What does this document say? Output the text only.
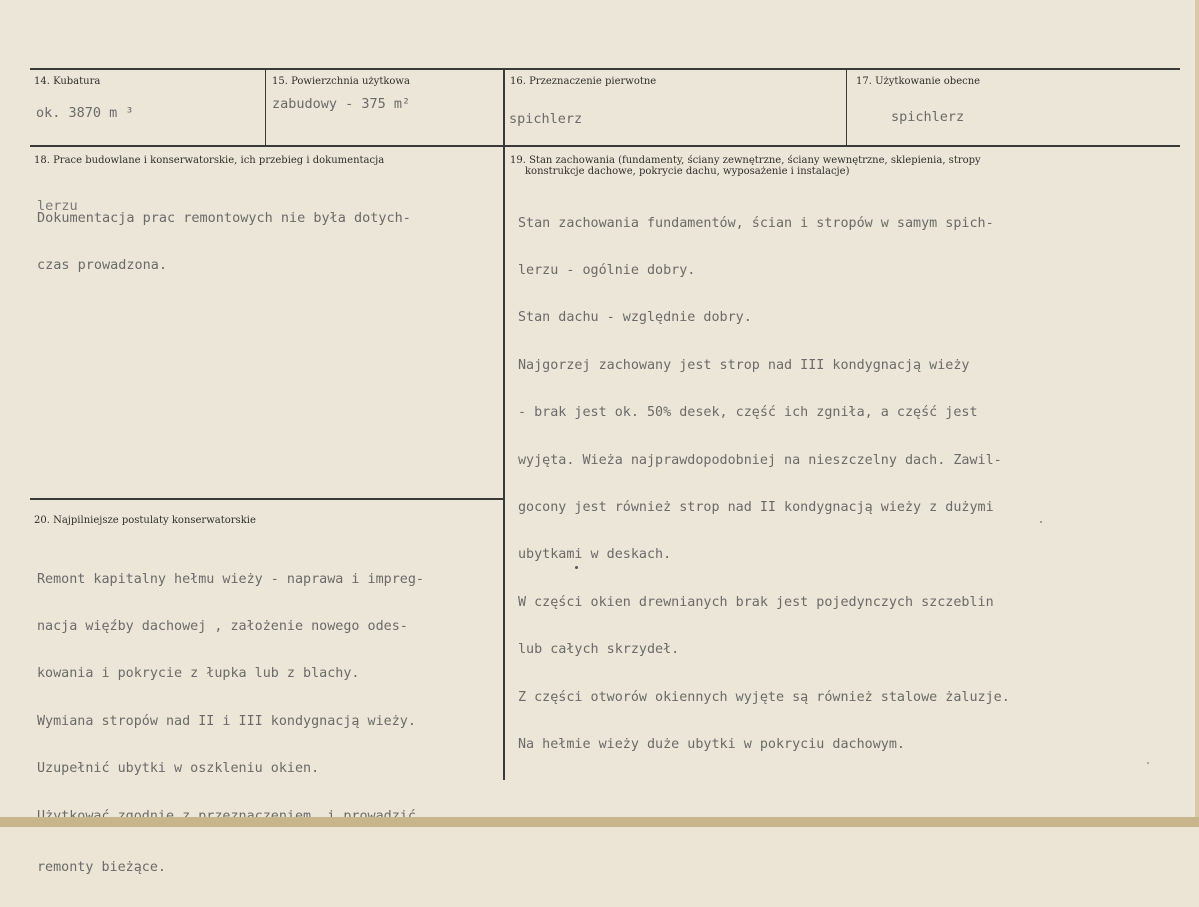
14. Kubatura
ok. 3870 m ³
15. Powierzchnia użytkowa
zabudowy - 375 m²
16. Przeznaczenie pierwotne
spichlerz
17. Użytkowanie obecne
spichlerz
18. Prace budowlane i konserwatorskie, ich przebieg i dokumentacja

Dokumentacja prac remontowych nie była dotych-

czas prowadzona.

lerzu
19. Stan zachowania (fundamenty, ściany zewnętrzne, ściany wewnętrzne, sklepienia, stropy
konstrukcje dachowe, pokrycie dachu, wyposażenie i instalacje)

Stan zachowania fundamentów, ścian i stropów w samym spich-

lerzu - ogólnie dobry.

Stan dachu - względnie dobry.

Najgorzej zachowany jest strop nad III kondygnacją wieży

- brak jest ok. 50% desek, część ich zgniła, a część jest

wyjęta. Wieża najprawdopodobniej na nieszczelny dach. Zawil-

gocony jest również strop nad II kondygnacją wieży z dużymi

ubytkami w deskach.

W części okien drewnianych brak jest pojedynczych szczeblin

lub całych skrzydeł.

Z części otworów okiennych wyjęte są również stalowe żaluzje.

Na hełmie wieży duże ubytki w pokryciu dachowym.

20. Najpilniejsze postulaty konserwatorskie

Remont kapitalny hełmu wieży - naprawa i impreg-

nacja więźby dachowej , założenie nowego odes-

kowania i pokrycie z łupka lub z blachy.

Wymiana stropów nad II i III kondygnacją wieży.

Uzupełnić ubytki w oszkleniu okien.

remonty bieżące.
